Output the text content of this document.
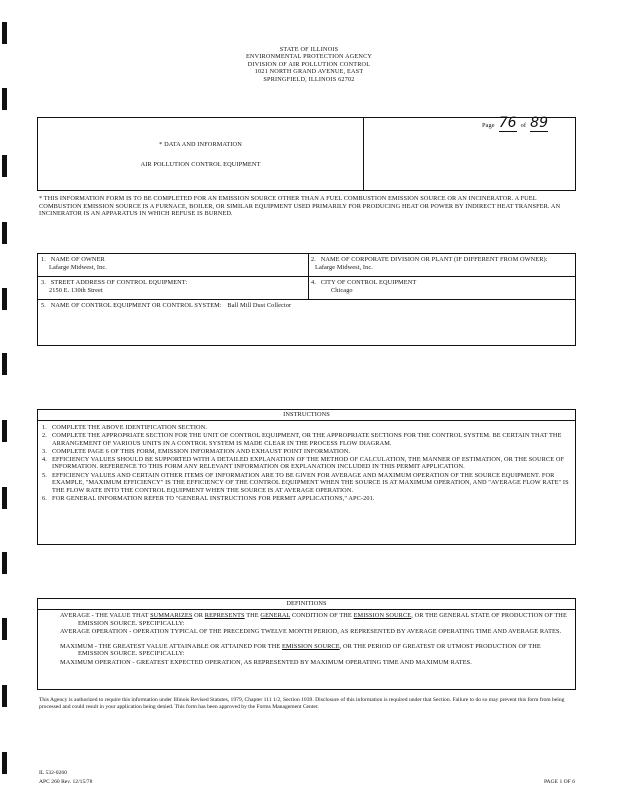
STATE OF ILLINOIS
ENVIRONMENTAL PROTECTION AGENCY
DIVISION OF AIR POLLUTION CONTROL
1021 NORTH GRAND AVENUE, EAST
SPRINGFIELD, ILLINOIS 62702
Page 76 of 89
* DATA AND INFORMATION
AIR POLLUTION CONTROL EQUIPMENT
* THIS INFORMATION FORM IS TO BE COMPLETED FOR AN EMISSION SOURCE OTHER THAN A FUEL COMBUSTION EMISSION SOURCE OR AN INCINERATOR. A FUEL COMBUSTION EMISSION SOURCE IS A FURNACE, BOILER, OR SIMILAR EQUIPMENT USED PRIMARILY FOR PRODUCING HEAT OR POWER BY INDIRECT HEAT TRANSFER. AN INCINERATOR IS AN APPARATUS IN WHICH REFUSE IS BURNED.
1. NAME OF OWNER
Lafarge Midwest, Inc.
2. NAME OF CORPORATE DIVISION OR PLANT (IF DIFFERENT FROM OWNER): Lafarge Midwest, Inc.
3. STREET ADDRESS OF CONTROL EQUIPMENT:
2150 E. 130th Street
4. CITY OF CONTROL EQUIPMENT
Chicago
5. NAME OF CONTROL EQUIPMENT OR CONTROL SYSTEM: Ball Mill Dust Collector
INSTRUCTIONS
1. COMPLETE THE ABOVE IDENTIFICATION SECTION.
2. COMPLETE THE APPROPRIATE SECTION FOR THE UNIT OF CONTROL EQUIPMENT, OR THE APPROPRIATE SECTIONS FOR THE CONTROL SYSTEM. BE CERTAIN THAT THE ARRANGEMENT OF VARIOUS UNITS IN A CONTROL SYSTEM IS MADE CLEAR IN THE PROCESS FLOW DIAGRAM.
3. COMPLETE PAGE 6 OF THIS FORM, EMISSION INFORMATION AND EXHAUST POINT INFORMATION.
4. EFFICIENCY VALUES SHOULD BE SUPPORTED WITH A DETAILED EXPLANATION OF THE METHOD OF CALCULATION, THE MANNER OF ESTIMATION, OR THE SOURCE OF INFORMATION. REFERENCE TO THIS FORM ANY RELEVANT INFORMATION OR EXPLANATION INCLUDED IN THIS PERMIT APPLICATION.
5. EFFICIENCY VALUES AND CERTAIN OTHER ITEMS OF INFORMATION ARE TO BE GIVEN FOR AVERAGE AND MAXIMUM OPERATION OF THE SOURCE EQUIPMENT. FOR EXAMPLE, "MAXIMUM EFFICIENCY" IS THE EFFICIENCY OF THE CONTROL EQUIPMENT WHEN THE SOURCE IS AT MAXIMUM OPERATION, AND "AVERAGE FLOW RATE" IS THE FLOW RATE INTO THE CONTROL EQUIPMENT WHEN THE SOURCE IS AT AVERAGE OPERATION.
6. FOR GENERAL INFORMATION REFER TO "GENERAL INSTRUCTIONS FOR PERMIT APPLICATIONS," APC-201.
DEFINITIONS
AVERAGE - THE VALUE THAT SUMMARIZES OR REPRESENTS THE GENERAL CONDITION OF THE EMISSION SOURCE, OR THE GENERAL STATE OF PRODUCTION OF THE EMISSION SOURCE. SPECIFICALLY:
AVERAGE OPERATION - OPERATION TYPICAL OF THE PRECEDING TWELVE MONTH PERIOD, AS REPRESENTED BY AVERAGE OPERATING TIME AND AVERAGE RATES.
MAXIMUM - THE GREATEST VALUE ATTAINABLE OR ATTAINED FOR THE EMISSION SOURCE, OR THE PERIOD OF GREATEST OR UTMOST PRODUCTION OF THE EMISSION SOURCE. SPECIFICALLY:
MAXIMUM OPERATION - GREATEST EXPECTED OPERATION, AS REPRESENTED BY MAXIMUM OPERATING TIME AND MAXIMUM RATES.
This Agency is authorized to require this information under Illinois Revised Statutes, 1979, Chapter 111 1/2, Section 1039. Disclosure of this information is required under that Section. Failure to do so may prevent this form from being processed and could result in your application being denied. This form has been approved by the Forms Management Center.
IL 532-0260
APC 260 Rev. 12/15/78	PAGE 1 OF 6
